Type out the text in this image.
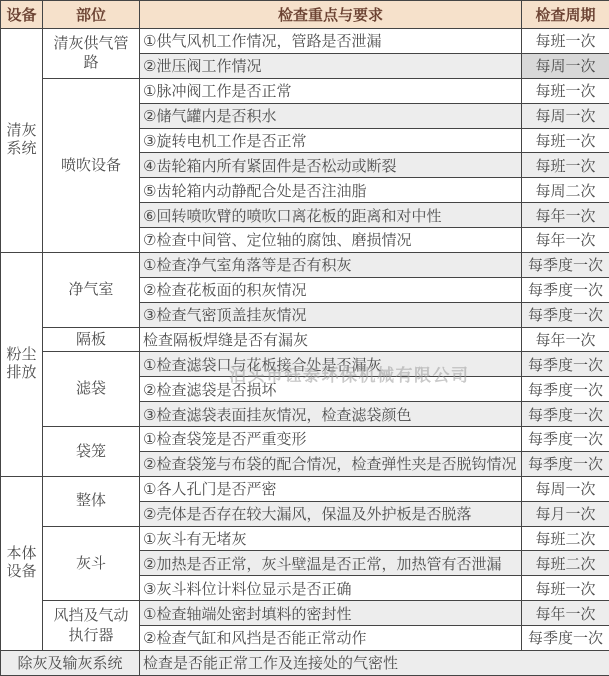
设备	部位	检查重点与要求	检查周期
清灰系统	清灰供气管路	①供气风机工作情况，管路是否泄漏	每班一次
		②泄压阀工作情况	每周一次
	喷吹设备	①脉冲阀工作是否正常	每班一次
		②储气罐内是否积水	每周一次
		③旋转电机工作是否正常	每班一次
		④齿轮箱内所有紧固件是否松动或断裂	每班一次
		⑤齿轮箱内动静配合处是否注油脂	每周二次
		⑥回转喷吹臂的喷吹口离花板的距离和对中性	每年一次
		⑦检查中间管、定位轴的腐蚀、磨损情况	每年一次
粉尘排放	净气室	①检查净气室角落等是否有积灰	每季度一次
		②检查花板面的积灰情况	每季度一次
		③检查气密顶盖挂灰情况	每季度一次
	隔板	检查隔板焊缝是否有漏灰	每年一次
	滤袋	①检查滤袋口与花板接合处是否漏灰	每季度一次
		②检查滤袋是否损坏	每季度一次
		③检查滤袋表面挂灰情况，检查滤袋颜色	每季度一次
	袋笼	①检查袋笼是否严重变形	每季度一次
		②检查袋笼与布袋的配合情况，检查弹性夹是否脱钩情况	每季度一次
本体设备	整体	①各人孔门是否严密	每周一次
		②壳体是否存在较大漏风，保温及外护板是否脱落	每月一次
	灰斗	①灰斗有无堵灰	每班二次
		②加热是否正常，灰斗壁温是否正常，加热管有否泄漏	每班二次
		③灰斗料位计料位显示是否正确	每班一次
	风挡及气动执行器	①检查轴端处密封填料的密封性	每年一次
		②检查气缸和风挡是否能正常动作	每季度一次
除灰及输灰系统		检查是否能正常工作及连接处的气密性	
泊头市钰泰环保机械有限公司
